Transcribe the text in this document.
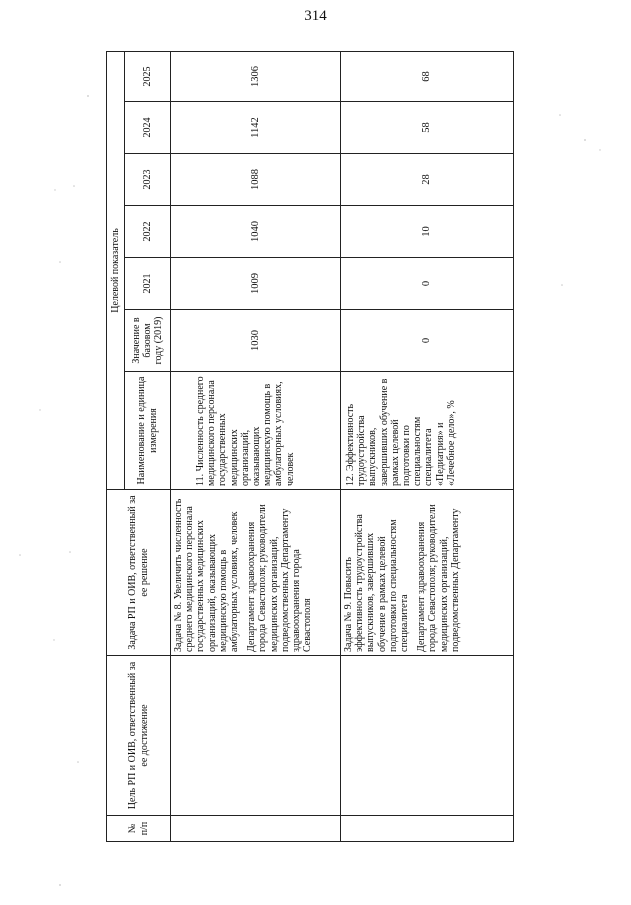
314
№ п/п	Цель РП и ОИВ, ответственный за ее достижение	Задача РП и ОИВ, ответственный за ее решение	Целевой показатель						
			Наименование и единица измерения	Значение в базовом году (2019)	2021	2022	2023	2024	2025

		Задача № 8. Увеличить численность среднего медицинского персонала государственных медицинских организаций, оказывающих медицинскую помощь в амбулаторных условиях, человек Департамент здравоохранения города Севастополя; руководители медицинских организаций, подведомственных Департаменту здравоохранения города Севастополя	11. Численность среднего медицинского персонала государственных медицинских организаций, оказывающих медицинскую помощь в амбулаторных условиях, человек	1030	1009	1040	1088	1142	1306

		Задача № 9. Повысить эффективность трудоустройства выпускников, завершивших обучение в рамках целевой подготовки по специальностям специалитета Департамент здравоохранения города Севастополя; руководители медицинских организаций, подведомственных Департаменту	12. Эффективность трудоустройства выпускников, завершивших обучение в рамках целевой подготовки по специальностям специалитета «Педиатрия» и «Лечебное дело», %	0	0	10	28	58	68
